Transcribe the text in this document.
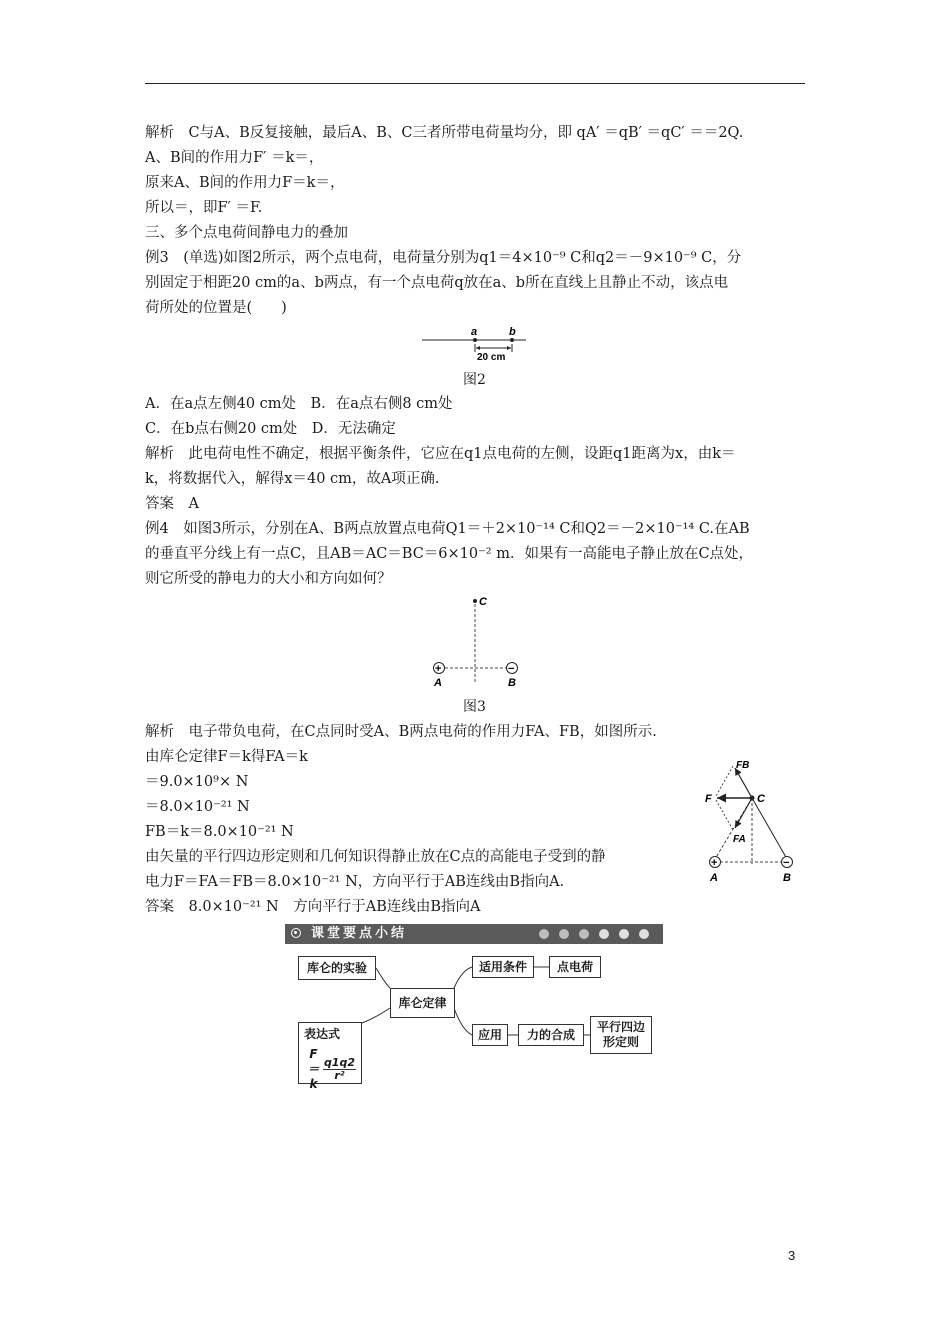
解析　C与A、B反复接触，最后A、B、C三者所带电荷量均分，即 qA′ ＝qB′ ＝qC′ ＝＝2Q.
A、B间的作用力F′ ＝k＝，
原来A、B间的作用力F＝k＝，
所以＝，即F′ ＝F.
三、多个点电荷间静电力的叠加
例3　(单选)如图2所示，两个点电荷，电荷量分别为q1＝4×10⁻⁹ C和q2＝－9×10⁻⁹ C，分
别固定于相距20 cm的a、b两点，有一个点电荷q放在a、b所在直线上且静止不动，该点电
荷所处的位置是(　　)
a	b
20 cm
图2
A．在a点左侧40 cm处　B．在a点右侧8 cm处
C．在b点右侧20 cm处　D．无法确定
解析　此电荷电性不确定，根据平衡条件，它应在q1点电荷的左侧，设距q1距离为x，由k＝
k，将数据代入，解得x＝40 cm，故A项正确.
答案　A
例4　如图3所示，分别在A、B两点放置点电荷Q1＝＋2×10⁻¹⁴ C和Q2＝－2×10⁻¹⁴ C.在AB
的垂直平分线上有一点C，且AB＝AC＝BC＝6×10⁻² m．如果有一高能电子静止放在C点处，
则它所受的静电力的大小和方向如何？
C
+	−
A	B
图3
解析　电子带负电荷，在C点同时受A、B两点电荷的作用力FA、FB，如图所示.
由库仑定律F＝k得FA＝k
＝9.0×10⁹× N
＝8.0×10⁻²¹ N
FB＝k＝8.0×10⁻²¹ N
由矢量的平行四边形定则和几何知识得静止放在C点的高能电子受到的静
电力F＝FA＝FB＝8.0×10⁻²¹ N，方向平行于AB连线由B指向A.
答案　8.0×10⁻²¹ N　方向平行于AB连线由B指向A
FB
F	C
FA
+	−
A	B
课堂要点小结
库仑的实验
库仑定律
适用条件	点电荷
应用	力的合成
平行四边形定则
表达式
F＝k
$\frac{q1q2}{\text{r²}}$
3
